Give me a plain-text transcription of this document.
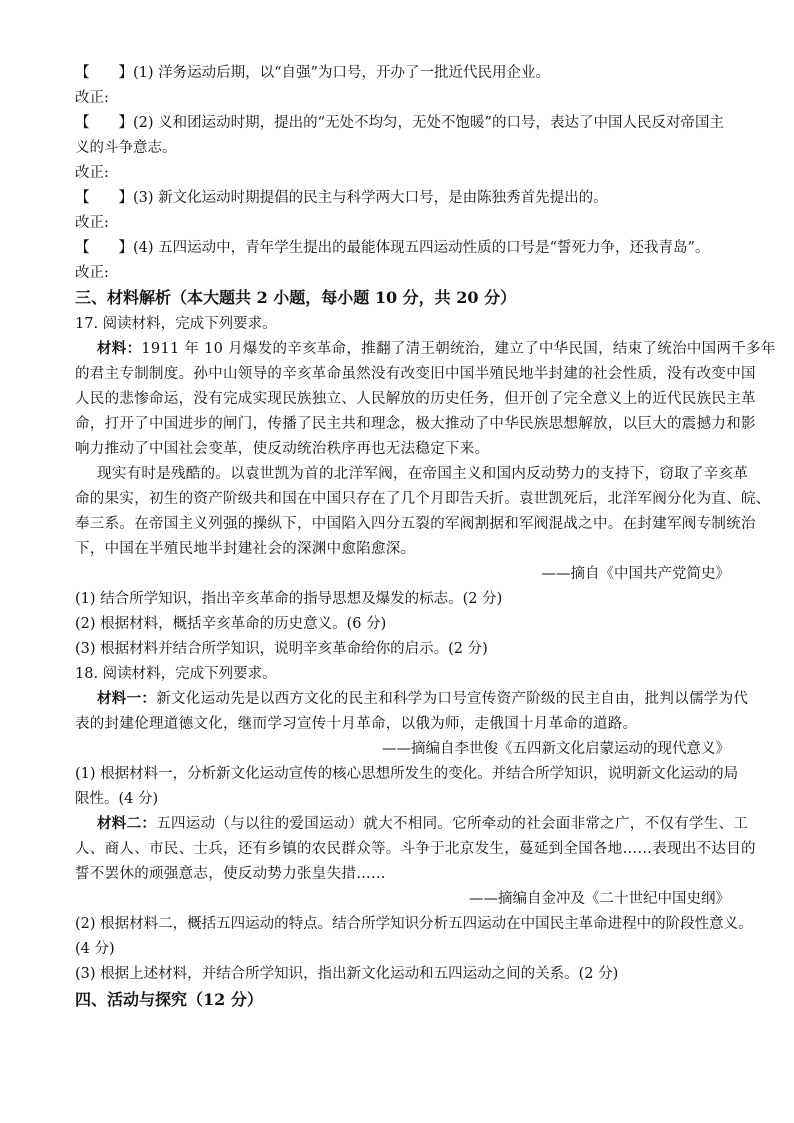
【　　】(1) 洋务运动后期，以“自强”为口号，开办了一批近代民用企业。
改正:
【　　】(2) 义和团运动时期，提出的“无处不均匀，无处不饱暖”的口号，表达了中国人民反对帝国主
义的斗争意志。
改正:
【　　】(3) 新文化运动时期提倡的民主与科学两大口号，是由陈独秀首先提出的。
改正:
【　　】(4) 五四运动中，青年学生提出的最能体现五四运动性质的口号是“誓死力争，还我青岛”。
改正:
三、材料解析（本大题共 2 小题，每小题 10 分，共 20 分）
17. 阅读材料，完成下列要求。
材料：1911 年 10 月爆发的辛亥革命，推翻了清王朝统治，建立了中华民国，结束了统治中国两千多年
的君主专制制度。孙中山领导的辛亥革命虽然没有改变旧中国半殖民地半封建的社会性质，没有改变中国
人民的悲惨命运，没有完成实现民族独立、人民解放的历史任务，但开创了完全意义上的近代民族民主革
命，打开了中国进步的闸门，传播了民主共和理念，极大推动了中华民族思想解放，以巨大的震撼力和影
响力推动了中国社会变革，使反动统治秩序再也无法稳定下来。
现实有时是残酷的。以袁世凯为首的北洋军阀，在帝国主义和国内反动势力的支持下，窃取了辛亥革
命的果实，初生的资产阶级共和国在中国只存在了几个月即告夭折。袁世凯死后，北洋军阀分化为直、皖、
奉三系。在帝国主义列强的操纵下，中国陷入四分五裂的军阀割据和军阀混战之中。在封建军阀专制统治
下，中国在半殖民地半封建社会的深渊中愈陷愈深。
——摘自《中国共产党简史》
(1) 结合所学知识，指出辛亥革命的指导思想及爆发的标志。(2 分)
(2) 根据材料，概括辛亥革命的历史意义。(6 分)
(3) 根据材料并结合所学知识，说明辛亥革命给你的启示。(2 分)
18. 阅读材料，完成下列要求。
材料一：新文化运动先是以西方文化的民主和科学为口号宣传资产阶级的民主自由，批判以儒学为代
表的封建伦理道德文化，继而学习宣传十月革命，以俄为师，走俄国十月革命的道路。
——摘编自李世俊《五四新文化启蒙运动的现代意义》
(1) 根据材料一，分析新文化运动宣传的核心思想所发生的变化。并结合所学知识，说明新文化运动的局
限性。(4 分)
材料二：五四运动（与以往的爱国运动）就大不相同。它所牵动的社会面非常之广，不仅有学生、工
人、商人、市民、士兵，还有乡镇的农民群众等。斗争于北京发生，蔓延到全国各地……表现出不达目的
誓不罢休的顽强意志，使反动势力张皇失措……
——摘编自金冲及《二十世纪中国史纲》
(2) 根据材料二，概括五四运动的特点。结合所学知识分析五四运动在中国民主革命进程中的阶段性意义。
(4 分)
(3) 根据上述材料，并结合所学知识，指出新文化运动和五四运动之间的关系。(2 分)
四、活动与探究（12 分）
